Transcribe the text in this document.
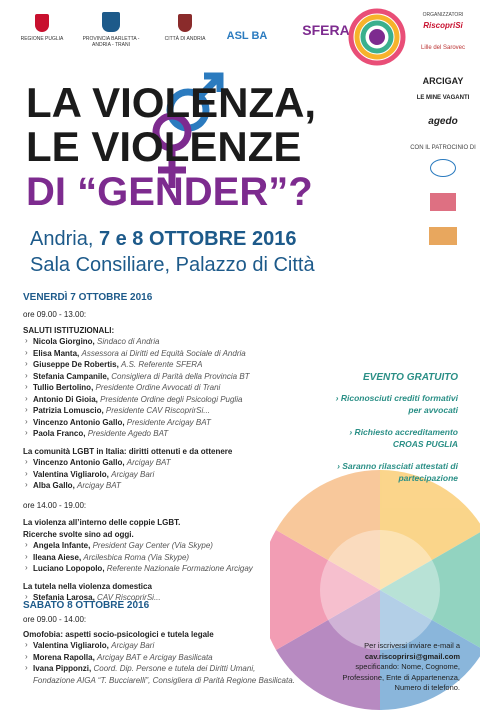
REGIONE PUGLIA	PROVINCIA BARLETTA - ANDRIA - TRANI
CITTÀ DI ANDRIA	ASL BA	SFERA
ORGANIZZATORI
RiscopriSi
Lille del Sarovec
ARCIGAY
LE MINE VAGANTI
agedo
CON IL PATROCINIO DI
LA VIOLENZA,
LE VIOLENZE
DI “GENDER”?
Andria, 7 e 8 OTTOBRE 2016
Sala Consiliare, Palazzo di Città
VENERDÌ 7 OTTOBRE 2016

ore 09.00 - 13.00:

SALUTI ISTITUZIONALI:

› Nicola Giorgino, Sindaco di Andria

› Elisa Manta, Assessora ai Diritti ed Equità Sociale di Andria

› Giuseppe De Robertis, A.S. Referente SFERA

› Stefania Campanile, Consigliera di Parità della Provincia BT

› Tullio Bertolino, Presidente Ordine Avvocati di Trani

› Antonio Di Gioia, Presidente Ordine degli Psicologi Puglia

› Patrizia Lomuscio, Presidente CAV RiscoprirSi...

› Vincenzo Antonio Gallo, Presidente Arcigay BAT

› Paola Franco, Presidente Agedo BAT

La comunità LGBT in Italia: diritti ottenuti e da ottenere

› Vincenzo Antonio Gallo, Arcigay BAT

› Valentina Vigliarolo, Arcigay Bari

› Alba Gallo, Arcigay BAT

ore 14.00 - 19.00:

La violenza all’interno delle coppie LGBT.

Ricerche svolte sino ad oggi.

› Angela Infante, President Gay Center (Via Skype)

› Ileana Aiese, Arcilesbica Roma (Via Skype)

› Luciano Lopopolo, Referente Nazionale Formazione Arcigay

La tutela nella violenza domestica

› Stefania Larosa, CAV RiscoprirSi...

SABATO 8 OTTOBRE 2016

ore 09.00 - 14.00:

Omofobia: aspetti socio-psicologici e tutela legale

› Valentina Vigliarolo, Arcigay Bari

› Morena Rapolla, Arcigay BAT e Arcigay Basilicata

› Ivana Pipponzi, Coord. Dip. Persone e tutela dei Diritti Umani,

Fondazione AIGA “T. Bucciarelli”, Consigliera di Parità Regione Basilicata.

EVENTO GRATUITO

› Riconosciuti crediti formativi per avvocati

› Richiesto accreditamento CROAS PUGLIA

› Saranno rilasciati attestati di partecipazione

Per iscriversi inviare e-mail a
cav.riscoprirsi@gmail.com
specificando: Nome, Cognome,
Professione, Ente di Appartenenza,
Numero di telefono.
